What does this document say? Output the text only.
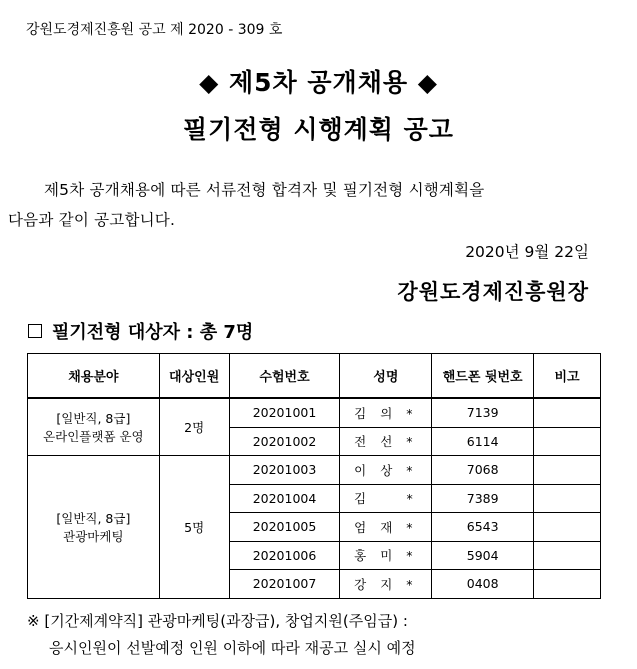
강원도경제진흥원 공고 제 2020 - 309 호
◆ 제5차 공개채용 ◆
필기전형 시행계획 공고
제5차 공개채용에 따른 서류전형 합격자 및 필기전형 시행계획을
다음과 같이 공고합니다.
2020년 9월 22일
강원도경제진흥원장
필기전형 대상자 : 총 7명
채용분야	대상인원	수험번호	성명	핸드폰 뒷번호	비고
[일반직, 8급]
온라인플랫폼 운영	2명	20201001	김 의 *	7139	
		20201002	전 선 *	6114	
[일반직, 8급]
관광마케팅	5명	20201003	이 상 *	7068	
		20201004	김 　 *	7389	
		20201005	엄 재 *	6543	
		20201006	홍 미 *	5904	
		20201007	강 지 *	0408	
※ [기간제계약직] 관광마케팅(과장급), 창업지원(주임급) :
응시인원이 선발예정 인원 이하에 따라 재공고 실시 예정
